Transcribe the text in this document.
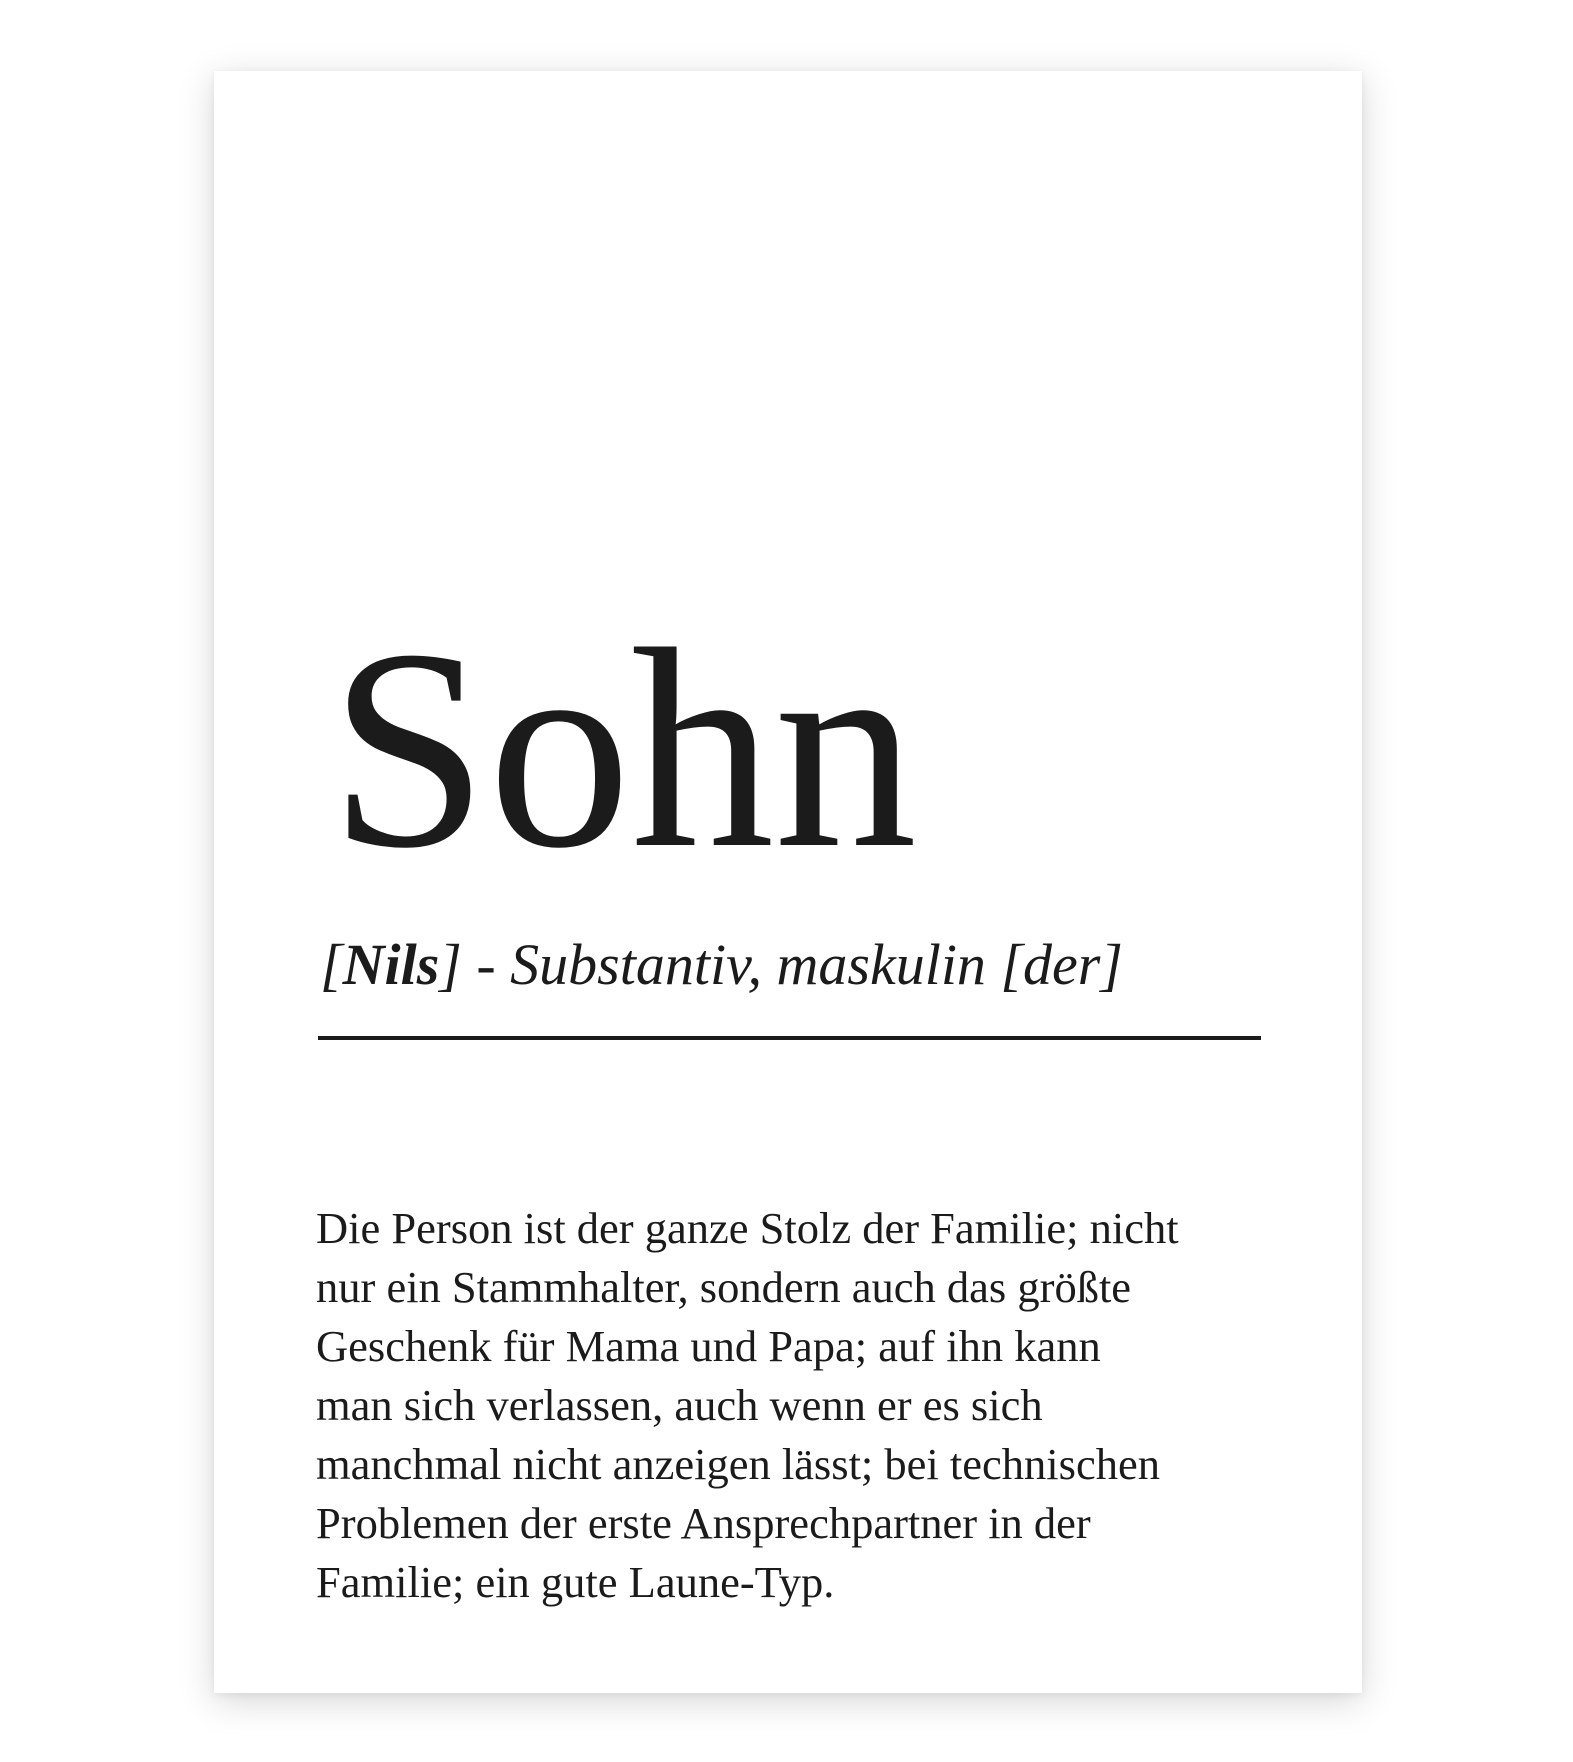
Sohn

[Nils] - Substantiv, maskulin [der]

Die Person ist der ganze Stolz der Familie; nicht
nur ein Stammhalter, sondern auch das größte
Geschenk für Mama und Papa; auf ihn kann
man sich verlassen, auch wenn er es sich
manchmal nicht anzeigen lässt; bei technischen
Problemen der erste Ansprechpartner in der
Familie; ein gute Laune-Typ.
